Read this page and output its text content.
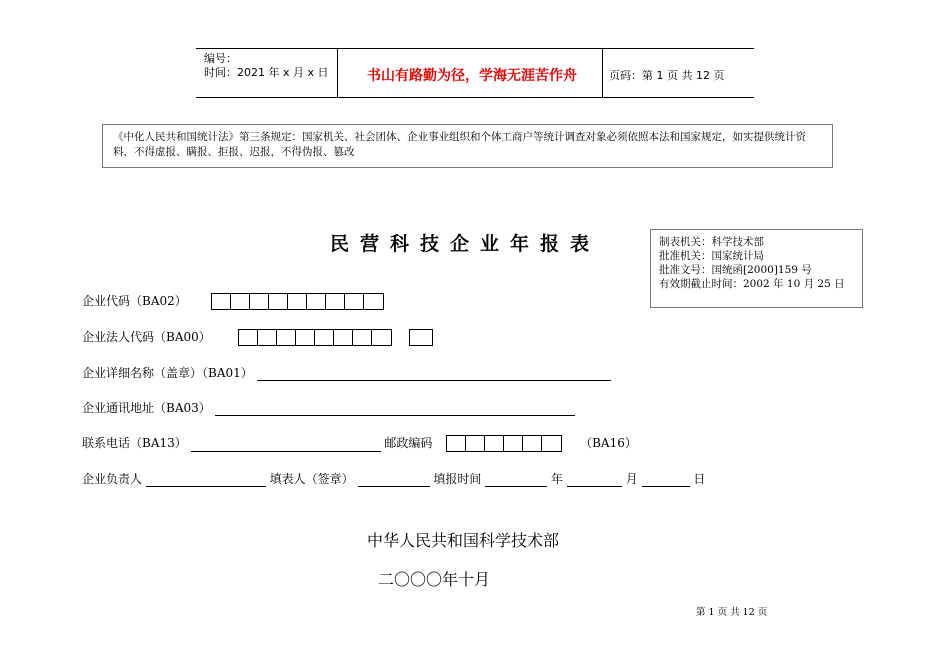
编号：
时间：2021 年 x 月 x 日	书山有路勤为径，学海无涯苦作舟	页码：第 1 页 共 12 页
《中化人民共和国统计法》第三条规定：国家机关、社会团体、企业事业组织和个体工商户等统计调查对象必须依照本法和国家规定，如实提供统计资料，不得虚报、瞒报、拒报、迟报，不得伪报、篡改
民营科技企业年报表	制表机关：科学技术部
批准机关：国家统计局
批准文号：国统函[2000]159 号
有效期截止时间：2002 年 10 月 25 日
企业代码（BA02）
企业法人代码（BA00）

企业详细名称（盖章）（BA01）
企业通讯地址（BA03）
联系电话（BA13）	邮政编码	（BA16）
企业负责人	填表人（签章）	填报时间	年	月	日
中华人民共和国科学技术部
二〇〇〇年十月
第 1 页 共 12 页
